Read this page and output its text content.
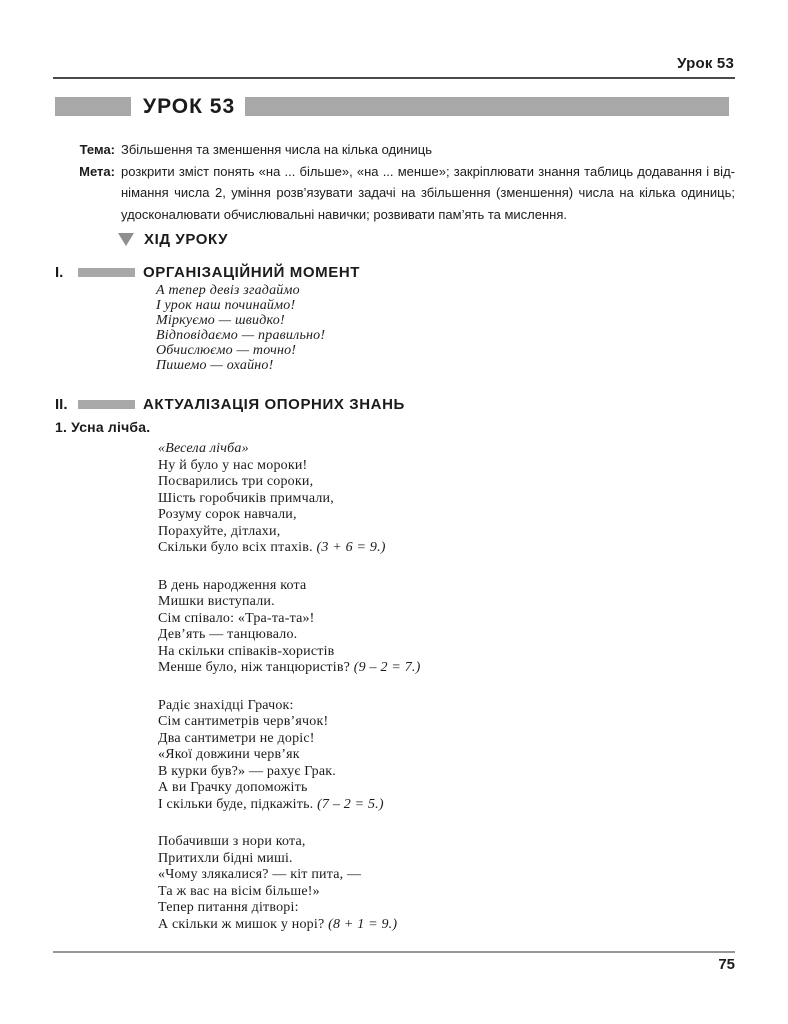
Урок 53
УРОК 53
Тема: Збільшення та зменшення числа на кілька одиниць
Мета: розкрити зміст понять «на ... більше», «на ... менше»; закріплювати знання таблиць додавання і від-
німання числа 2, уміння розв’язувати задачі на збільшення (зменшення) числа на кілька одиниць;
удосконалювати обчислювальні навички; розвивати пам’ять та мислення.
ХІД УРОКУ
I.	ОРГАНІЗАЦІЙНИЙ МОМЕНТ
А тепер девіз згадаймо
І урок наш починаймо!
Міркуємо — швидко!
Відповідаємо — правильно!
Обчислюємо — точно!
Пишемо — охайно!
II.	АКТУАЛІЗАЦІЯ ОПОРНИХ ЗНАНЬ
1. Усна лічба.
«Весела лічба»
Ну й було у нас мороки!
Посварились три сороки,
Шість горобчиків примчали,
Розуму сорок навчали,
Порахуйте, дітлахи,
Скільки було всіх птахів. (3 + 6 = 9.)
В день народження кота
Мишки виступали.
Сім співало: «Тра-та-та»!
Дев’ять — танцювало.
На скільки співаків-хористів
Менше було, ніж танцюристів? (9 – 2 = 7.)
Радіє знахідці Грачок:
Сім сантиметрів черв’ячок!
Два сантиметри не доріс!
«Якої довжини черв’як
В курки був?» — рахує Грак.
А ви Грачку допоможіть
І скільки буде, підкажіть. (7 – 2 = 5.)
Побачивши з нори кота,
Притихли бідні миші.
«Чому злякалися? — кіт пита, —
Та ж вас на вісім більше!»
Тепер питання дітворі:
А скільки ж мишок у норі? (8 + 1 = 9.)
75
